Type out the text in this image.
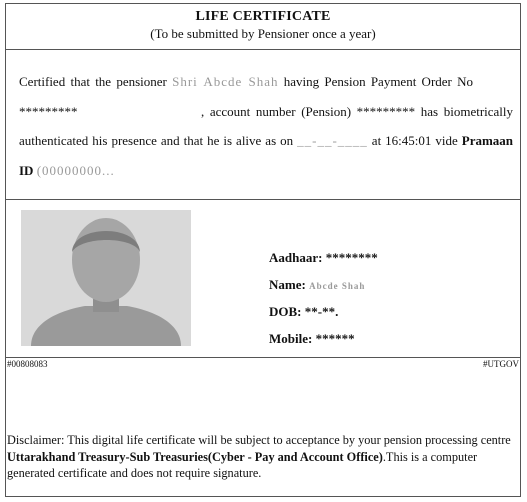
LIFE CERTIFICATE
(To be submitted by Pensioner once a year)
Certified that the pensioner Shri Abcde Shah having Pension Payment Order No         *********	, account number (Pension) ********* has biometrically authenticated his presence and that he is alive as on __-__-____ at 16:45:01 vide Pramaan ID (00000000...
Aadhaar: ********
Name: Abcde Shah
DOB: **-**.
Mobile: ******
#00808083	#UTGOV
Disclaimer: This digital life certificate will be subject to acceptance by your pension processing centre Uttarakhand Treasury-Sub Treasuries(Cyber - Pay and Account Office).This is a computer generated certificate and does not require signature.
